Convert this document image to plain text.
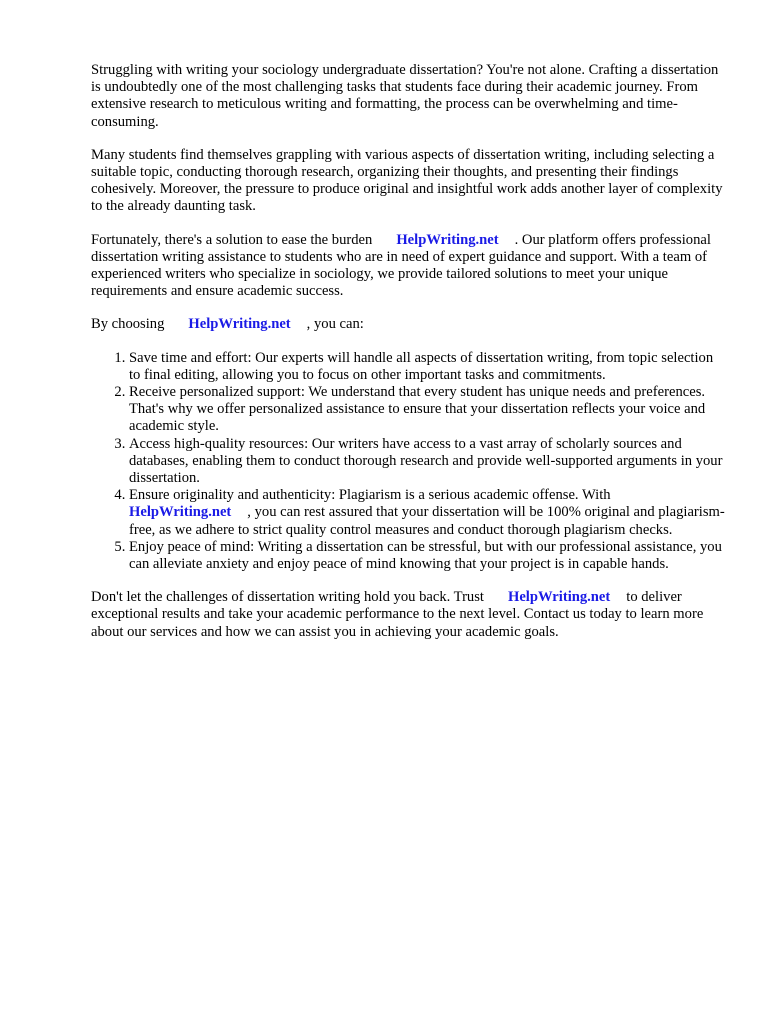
Struggling with writing your sociology undergraduate dissertation? You're not alone. Crafting a dissertation is undoubtedly one of the most challenging tasks that students face during their academic journey. From extensive research to meticulous writing and formatting, the process can be overwhelming and time-consuming.

Many students find themselves grappling with various aspects of dissertation writing, including selecting a suitable topic, conducting thorough research, organizing their thoughts, and presenting their findings cohesively. Moreover, the pressure to produce original and insightful work adds another layer of complexity to the already daunting task.

Fortunately, there's a solution to ease the burden HelpWriting.net . Our platform offers professional dissertation writing assistance to students who are in need of expert guidance and support. With a team of experienced writers who specialize in sociology, we provide tailored solutions to meet your unique requirements and ensure academic success.

By choosing HelpWriting.net , you can:

1. Save time and effort: Our experts will handle all aspects of dissertation writing, from topic selection to final editing, allowing you to focus on other important tasks and commitments.
2. Receive personalized support: We understand that every student has unique needs and preferences. That's why we offer personalized assistance to ensure that your dissertation reflects your voice and academic style.
3. Access high-quality resources: Our writers have access to a vast array of scholarly sources and databases, enabling them to conduct thorough research and provide well-supported arguments in your dissertation.
4. Ensure originality and authenticity: Plagiarism is a serious academic offense. With
HelpWriting.net , you can rest assured that your dissertation will be 100% original and plagiarism-free, as we adhere to strict quality control measures and conduct thorough plagiarism checks.
5. Enjoy peace of mind: Writing a dissertation can be stressful, but with our professional assistance, you can alleviate anxiety and enjoy peace of mind knowing that your project is in capable hands.

Don't let the challenges of dissertation writing hold you back. Trust HelpWriting.net to deliver exceptional results and take your academic performance to the next level. Contact us today to learn more about our services and how we can assist you in achieving your academic goals.
